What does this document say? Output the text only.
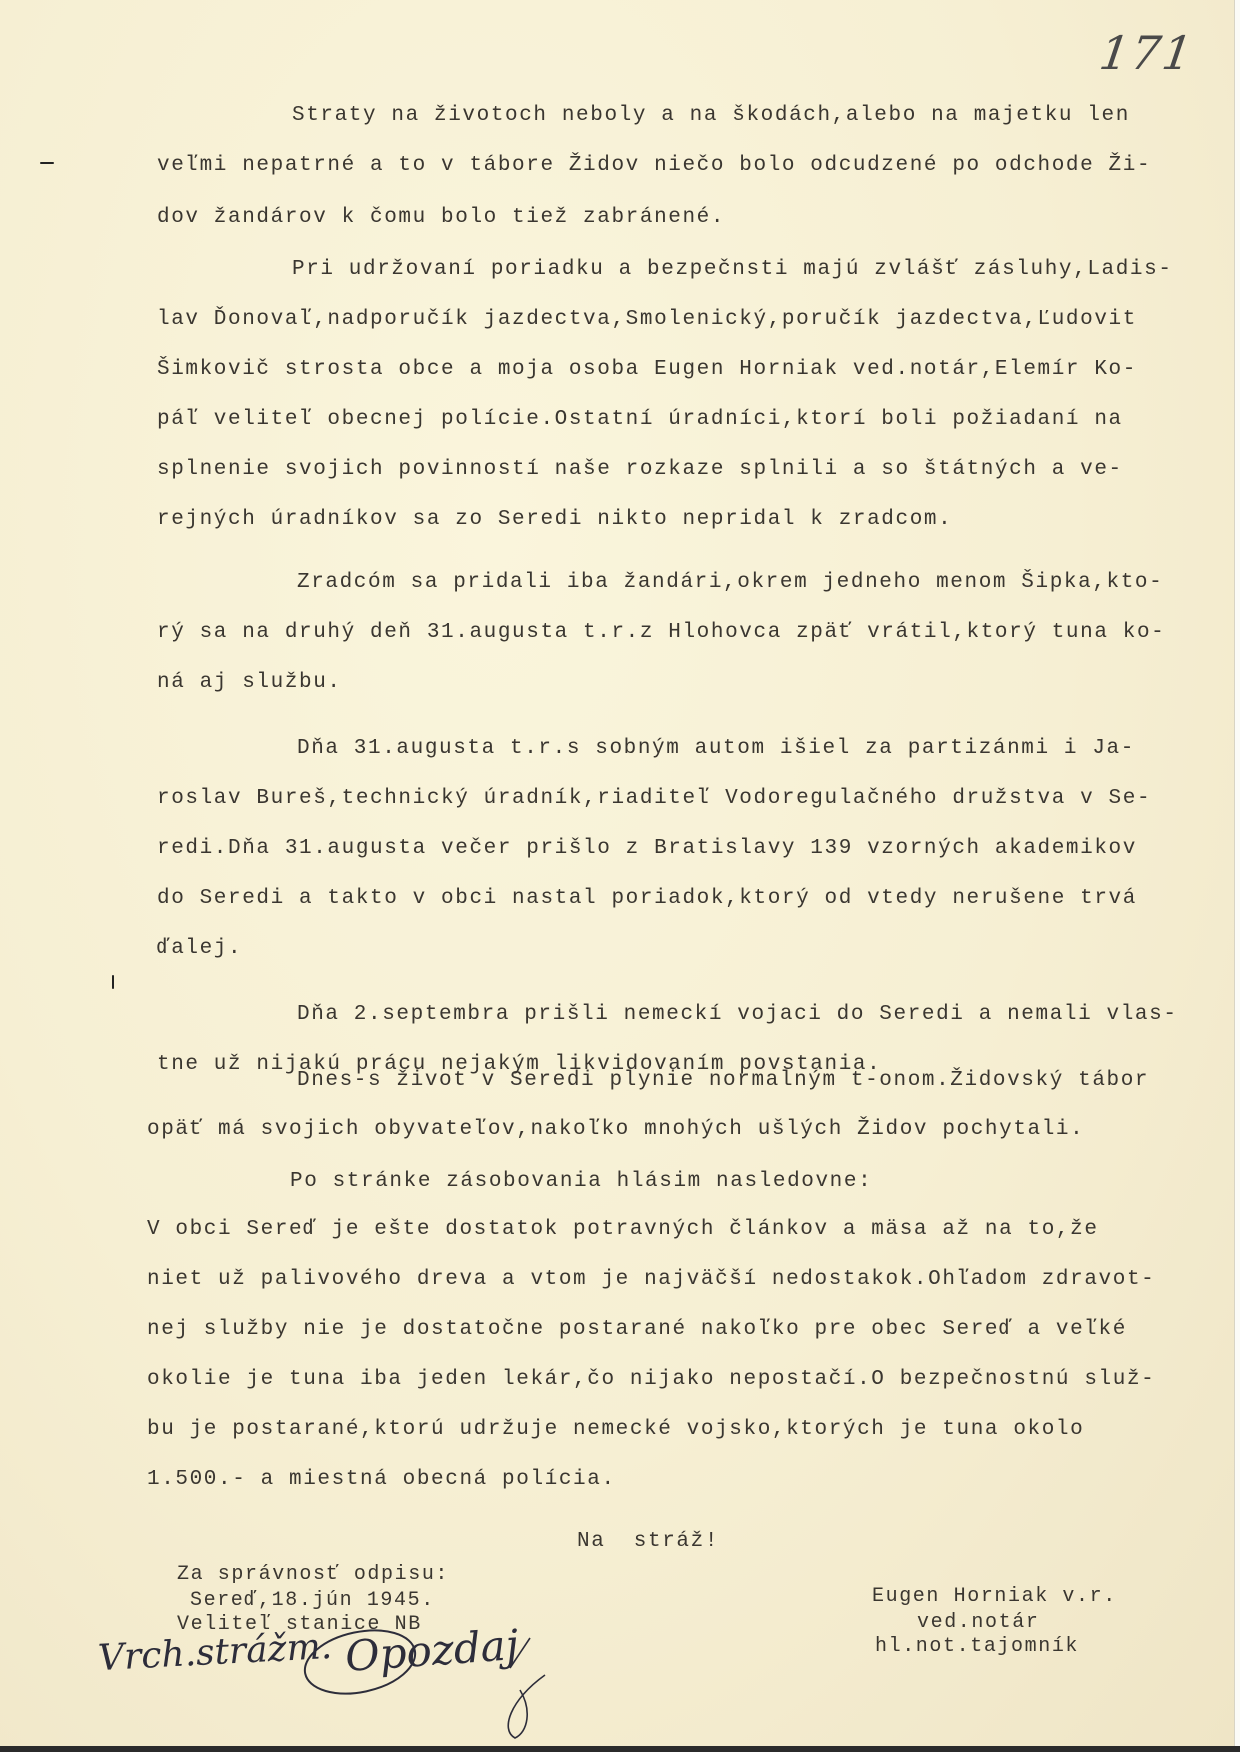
171
Straty na životoch neboly a na škodách,alebo na majetku len
veľmi nepatrné a to v tábore Židov niečo bolo odcudzené po odchode Ži-
dov žandárov k čomu bolo tiež zabránené.
Pri udržovaní poriadku a bezpečnsti majú zvlášť zásluhy,Ladis-
lav Ďonovaľ,nadporučík jazdectva,Smolenický,poručík jazdectva,Ľudovit
Šimkovič strosta obce a moja osoba Eugen Horniak ved.notár,Elemír Ko-
páľ veliteľ obecnej polície.Ostatní úradníci,ktorí boli požiadaní na
splnenie svojich povinností naše rozkaze splnili a so štátných a ve-
rejných úradníkov sa zo Seredi nikto nepridal k zradcom.
Zradcóm sa pridali iba žandári,okrem jedneho menom Šipka,kto-
rý sa na druhý deň 31.augusta t.r.z Hlohovca zpäť vrátil,ktorý tuna ko-
ná aj službu.
Dňa 31.augusta t.r.s sobným autom išiel za partizánmi i Ja-
roslav Bureš,technický úradník,riaditeľ Vodoregulačného družstva v Se-
redi.Dňa 31.augusta večer prišlo z Bratislavy 139 vzorných akademikov
do Seredi a takto v obci nastal poriadok,ktorý od vtedy nerušene trvá
ďalej.
Dňa 2.septembra prišli nemeckí vojaci do Seredi a nemali vlas-
tne už nijakú prácu nejakým likvidovaním povstania.
Dnes-s život v Seredi plynie normalným t-onom.Židovský tábor
opäť má svojich obyvateľov,nakoľko mnohých ušlých Židov pochytali.
Po stránke zásobovania hlásim nasledovne:
V obci Sereď je ešte dostatok potravných článkov a mäsa až na to,že
niet už palivového dreva a vtom je najväčší nedostakok.Ohľadom zdravot-
nej služby nie je dostatočne postarané nakoľko pre obec Sereď a veľké
okolie je tuna iba jeden lekár,čo nijako nepostačí.O bezpečnostnú služ-
bu je postarané,ktorú udržuje nemecké vojsko,ktorých je tuna okolo
1.500.- a miestná obecná polícia.
Na  stráž!
Za správnosť odpisu:
Sereď,18.jún 1945.
Veliteľ stanice NB
Vrch.strážm. Opozdaj
Eugen Horniak v.r.
ved.notár
hl.not.tajomník
